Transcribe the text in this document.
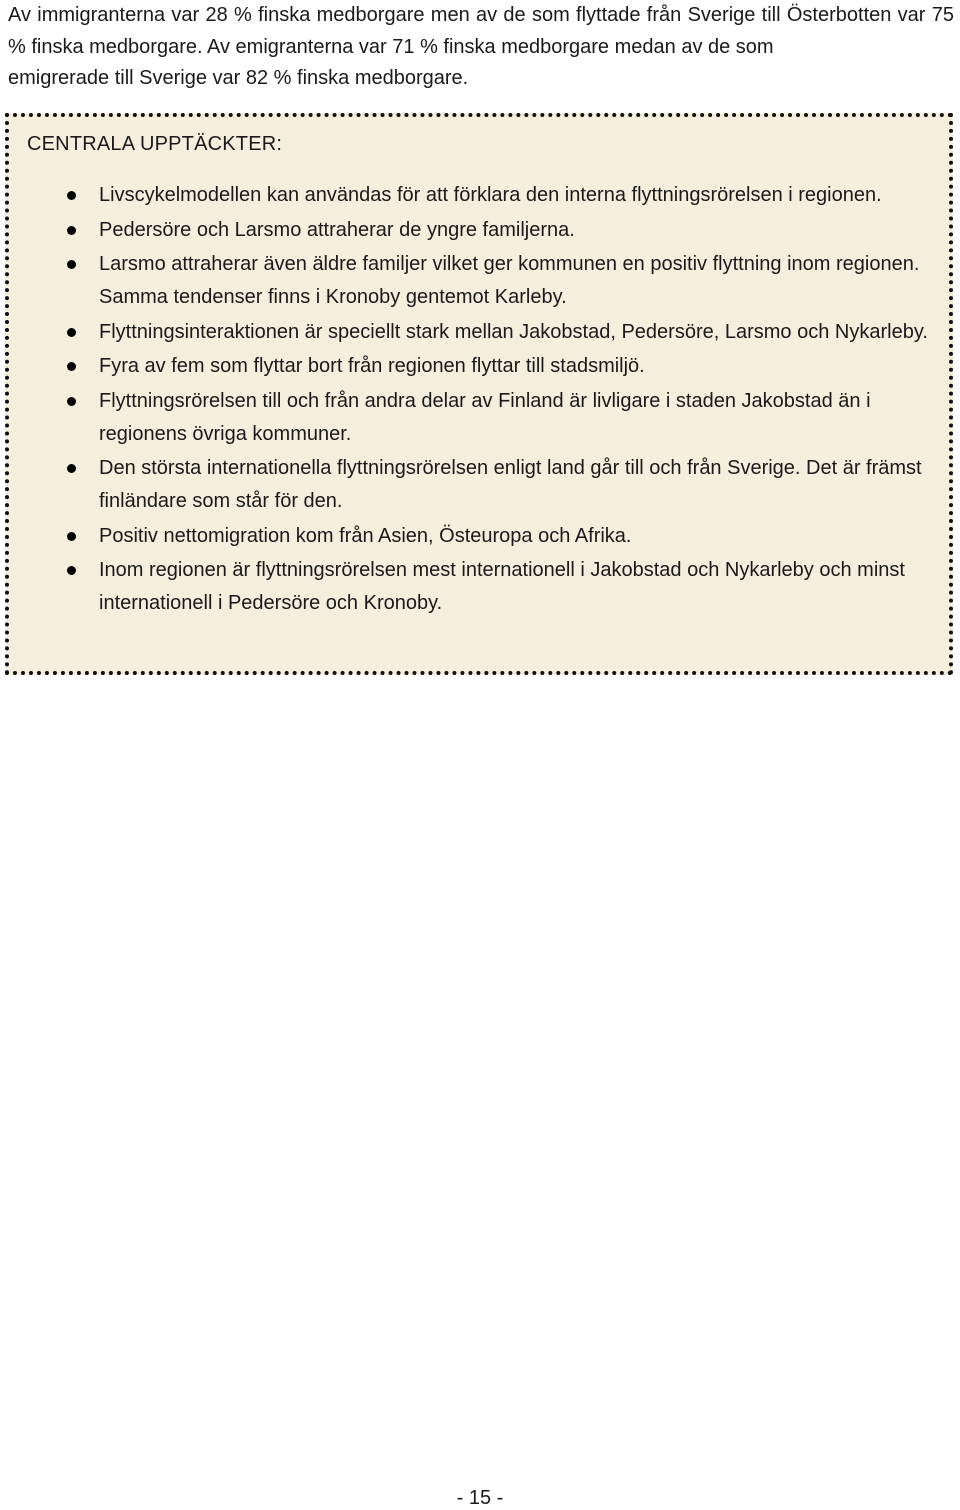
Av immigranterna var 28 % finska medborgare men av de som flyttade från Sverige till Österbotten var 75 % finska medborgare. Av emigranterna var 71 % finska medborgare medan av de som
emigrerade till Sverige var 82 % finska medborgare.

CENTRALA UPPTÄCKTER:
Livscykelmodellen kan användas för att förklara den interna flyttningsrörelsen i regionen.
Pedersöre och Larsmo attraherar de yngre familjerna.
Larsmo attraherar även äldre familjer vilket ger kommunen en positiv flyttning inom regionen. Samma tendenser finns i Kronoby gentemot Karleby.
Flyttningsinteraktionen är speciellt stark mellan Jakobstad, Pedersöre, Larsmo och Nykarleby.
Fyra av fem som flyttar bort från regionen flyttar till stadsmiljö.
Flyttningsrörelsen till och från andra delar av Finland är livligare i staden Jakobstad än i regionens övriga kommuner.
Den största internationella flyttningsrörelsen enligt land går till och från Sverige. Det är främst finländare som står för den.
Positiv nettomigration kom från Asien, Östeuropa och Afrika.
Inom regionen är flyttningsrörelsen mest internationell i Jakobstad och Nykarleby och minst internationell i Pedersöre och Kronoby.
- 15 -
